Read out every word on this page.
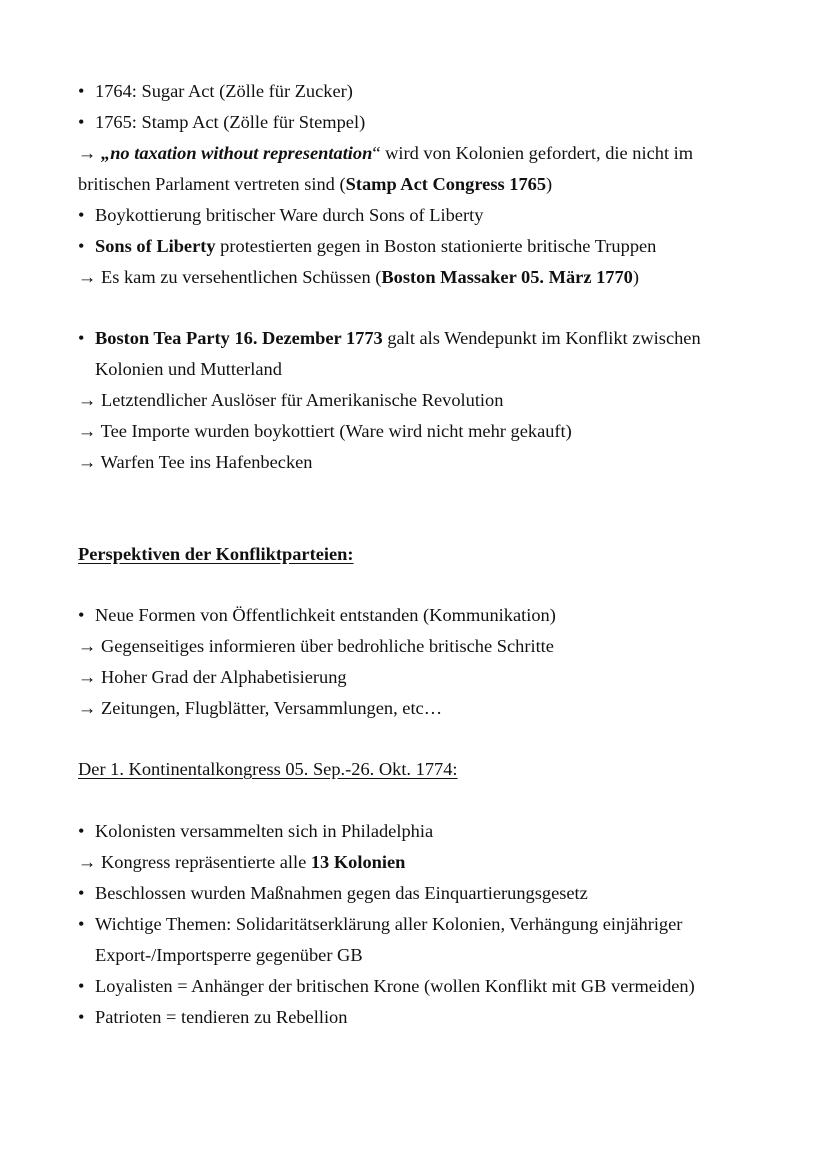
• 1764: Sugar Act (Zölle für Zucker)
• 1765: Stamp Act (Zölle für Stempel)
→ „no taxation without representation“ wird von Kolonien gefordert, die nicht im
britischen Parlament vertreten sind (Stamp Act Congress 1765)
• Boykottierung britischer Ware durch Sons of Liberty
• Sons of Liberty protestierten gegen in Boston stationierte britische Truppen
→ Es kam zu versehentlichen Schüssen (Boston Massaker 05. März 1770)
• Boston Tea Party 16. Dezember 1773 galt als Wendepunkt im Konflikt zwischen
Kolonien und Mutterland
→ Letztendlicher Auslöser für Amerikanische Revolution
→ Tee Importe wurden boykottiert (Ware wird nicht mehr gekauft)
→ Warfen Tee ins Hafenbecken
Perspektiven der Konfliktparteien:
• Neue Formen von Öffentlichkeit entstanden (Kommunikation)
→ Gegenseitiges informieren über bedrohliche britische Schritte
→ Hoher Grad der Alphabetisierung
→ Zeitungen, Flugblätter, Versammlungen, etc…
Der 1. Kontinentalkongress 05. Sep.-26. Okt. 1774:
• Kolonisten versammelten sich in Philadelphia
→ Kongress repräsentierte alle 13 Kolonien
• Beschlossen wurden Maßnahmen gegen das Einquartierungsgesetz
• Wichtige Themen: Solidaritätserklärung aller Kolonien, Verhängung einjähriger
Export-/Importsperre gegenüber GB
• Loyalisten = Anhänger der britischen Krone (wollen Konflikt mit GB vermeiden)
• Patrioten = tendieren zu Rebellion
